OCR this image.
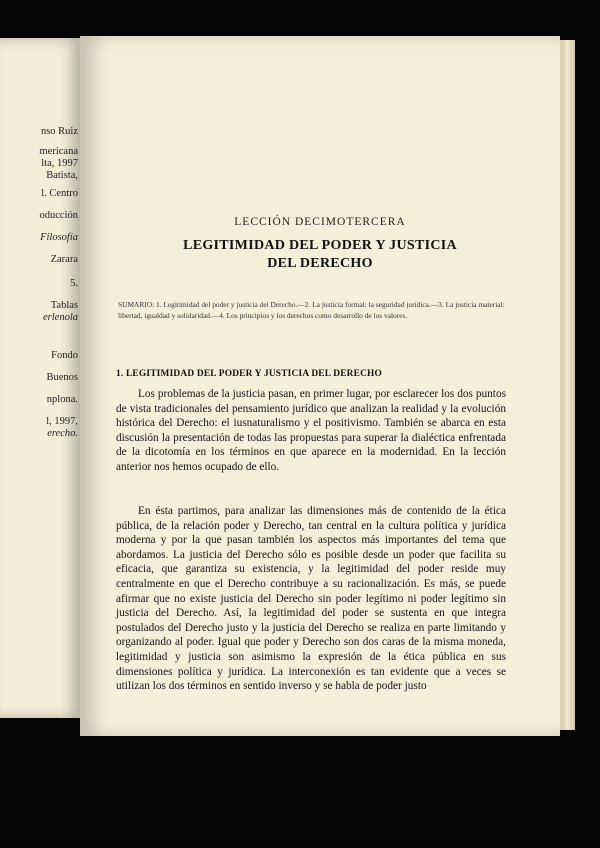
nso Ruiz
mericana
lta, 1997
Batista,
l. Centro
oducción
Filosofía
Zarara
5.
Tablas
erlenola
Fondo
Buenos
nplona.
l, 1997,
erecho.
LECCIÓN DECIMOTERCERA
LEGITIMIDAD DEL PODER Y JUSTICIA
DEL DERECHO
SUMARIO: 1. Legitimidad del poder y justicia del Derecho.—2. La justicia formal: la seguridad jurídica.—3. La justicia material: libertad, igualdad y solidaridad.—4. Los principios y los derechos como desarrollo de los valores.
1. LEGITIMIDAD DEL PODER Y JUSTICIA DEL DERECHO
Los problemas de la justicia pasan, en primer lugar, por esclarecer los dos puntos de vista tradicionales del pensamiento jurídico que analizan la realidad y la evolución histórica del Derecho: el iusnaturalismo y el positivismo. También se abarca en esta discusión la presentación de todas las propuestas para superar la dialéctica enfrentada de la dicotomía en los términos en que aparece en la modernidad. En la lección anterior nos hemos ocupado de ello.
En ésta partimos, para analizar las dimensiones más de contenido de la ética pública, de la relación poder y Derecho, tan central en la cultura política y jurídica moderna y por la que pasan también los aspectos más importantes del tema que abordamos. La justicia del Derecho sólo es posible desde un poder que facilita su eficacia, que garantiza su existencia, y la legitimidad del poder reside muy centralmente en que el Derecho contribuye a su racionalización. Es más, se puede afirmar que no existe justicia del Derecho sin poder legítimo ni poder legítimo sin justicia del Derecho. Así, la legitimidad del poder se sustenta en que integra postulados del Derecho justo y la justicia del Derecho se realiza en parte limitando y organizando al poder. Igual que poder y Derecho son dos caras de la misma moneda, legitimidad y justicia son asimismo la expresión de la ética pública en sus dimensiones política y jurídica. La interconexión es tan evidente que a veces se utilizan los dos términos en sentido inverso y se habla de poder justo
